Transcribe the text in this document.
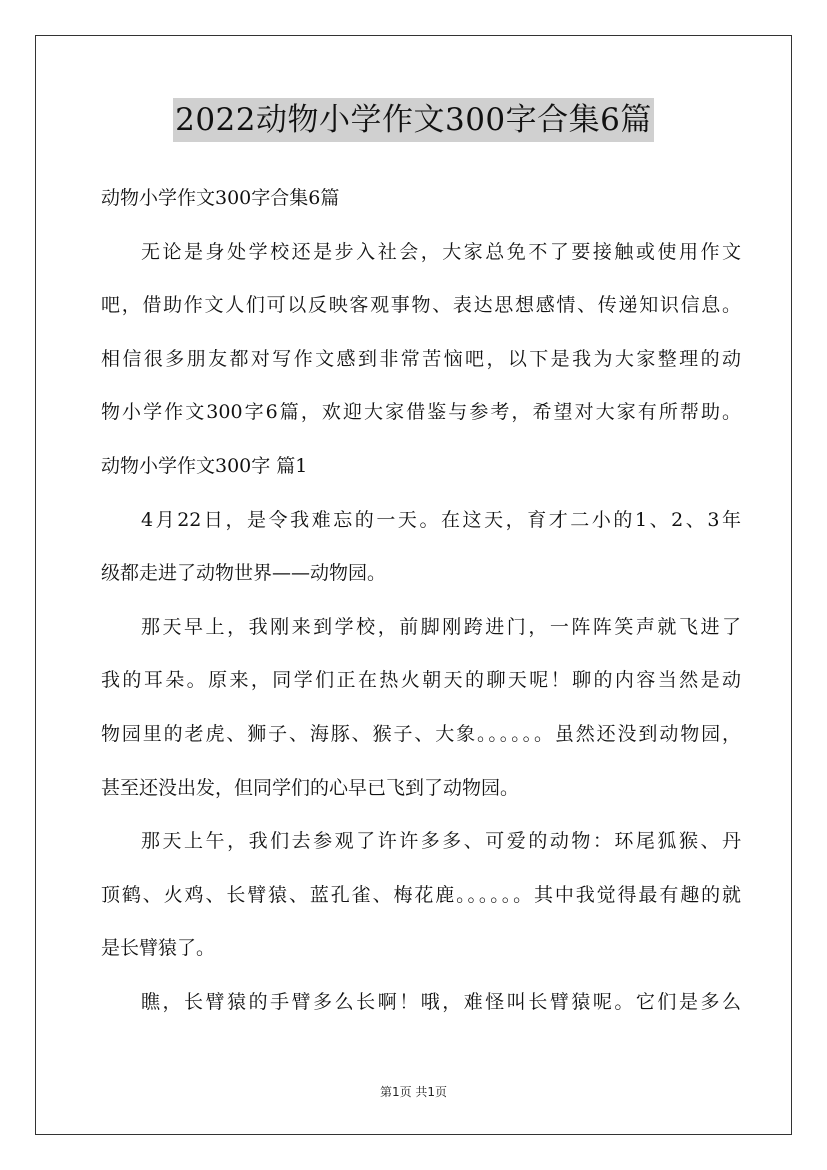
2022动物小学作文300字合集6篇
动物小学作文300字合集6篇
无论是身处学校还是步入社会，大家总免不了要接触或使用作文
吧，借助作文人们可以反映客观事物、表达思想感情、传递知识信息。
相信很多朋友都对写作文感到非常苦恼吧，以下是我为大家整理的动
物小学作文300字6篇，欢迎大家借鉴与参考，希望对大家有所帮助。
动物小学作文300字 篇1
4月22日，是令我难忘的一天。在这天，育才二小的1、2、3年
级都走进了动物世界——动物园。
那天早上，我刚来到学校，前脚刚跨进门，一阵阵笑声就飞进了
我的耳朵。原来，同学们正在热火朝天的聊天呢！聊的内容当然是动
物园里的老虎、狮子、海豚、猴子、大象。。。。。。虽然还没到动物园，
甚至还没出发，但同学们的心早已飞到了动物园。
那天上午，我们去参观了许许多多、可爱的动物：环尾狐猴、丹
顶鹤、火鸡、长臂猿、蓝孔雀、梅花鹿。。。。。。其中我觉得最有趣的就
是长臂猿了。
瞧，长臂猿的手臂多么长啊！哦，难怪叫长臂猿呢。它们是多么
第1页 共1页
